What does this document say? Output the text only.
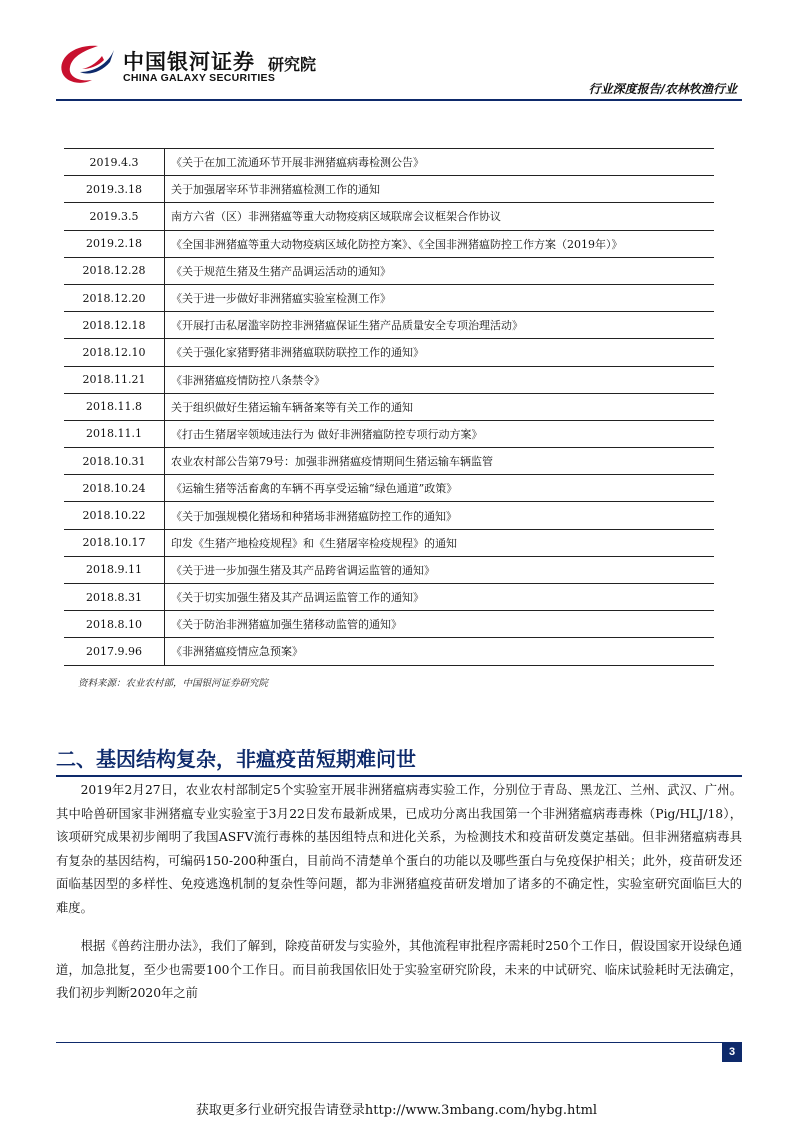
中国银河证券
CHINA GALAXY SECURITIES
研究院
行业深度报告/农林牧渔行业
2019.4.3	《关于在加工流通环节开展非洲猪瘟病毒检测公告》
2019.3.18	关于加强屠宰环节非洲猪瘟检测工作的通知
2019.3.5	南方六省（区）非洲猪瘟等重大动物疫病区域联席会议框架合作协议
2019.2.18	《全国非洲猪瘟等重大动物疫病区域化防控方案》、《全国非洲猪瘟防控工作方案（2019年）》
2018.12.28	《关于规范生猪及生猪产品调运活动的通知》
2018.12.20	《关于进一步做好非洲猪瘟实验室检测工作》
2018.12.18	《开展打击私屠滥宰防控非洲猪瘟保证生猪产品质量安全专项治理活动》
2018.12.10	《关于强化家猪野猪非洲猪瘟联防联控工作的通知》
2018.11.21	《非洲猪瘟疫情防控八条禁令》
2018.11.8	关于组织做好生猪运输车辆备案等有关工作的通知
2018.11.1	《打击生猪屠宰领域违法行为 做好非洲猪瘟防控专项行动方案》
2018.10.31	农业农村部公告第79号：加强非洲猪瘟疫情期间生猪运输车辆监管
2018.10.24	《运输生猪等活畜禽的车辆不再享受运输“绿色通道”政策》
2018.10.22	《关于加强规模化猪场和种猪场非洲猪瘟防控工作的通知》
2018.10.17	印发《生猪产地检疫规程》和《生猪屠宰检疫规程》的通知
2018.9.11	《关于进一步加强生猪及其产品跨省调运监管的通知》
2018.8.31	《关于切实加强生猪及其产品调运监管工作的通知》
2018.8.10	《关于防治非洲猪瘟加强生猪移动监管的通知》
2017.9.96	《非洲猪瘟疫情应急预案》
资料来源：农业农村部，中国银河证券研究院
二、基因结构复杂，非瘟疫苗短期难问世

2019年2月27日，农业农村部制定5个实验室开展非洲猪瘟病毒实验工作，分别位于青岛、黑龙江、兰州、武汉、广州。其中哈兽研国家非洲猪瘟专业实验室于3月22日发布最新成果，已成功分离出我国第一个非洲猪瘟病毒毒株（Pig/HLJ/18），该项研究成果初步阐明了我国ASFV流行毒株的基因组特点和进化关系，为检测技术和疫苗研发奠定基础。但非洲猪瘟病毒具有复杂的基因结构，可编码150-200种蛋白，目前尚不清楚单个蛋白的功能以及哪些蛋白与免疫保护相关；此外，疫苗研发还面临基因型的多样性、免疫逃逸机制的复杂性等问题，都为非洲猪瘟疫苗研发增加了诸多的不确定性，实验室研究面临巨大的难度。

根据《兽药注册办法》，我们了解到，除疫苗研发与实验外，其他流程审批程序需耗时250个工作日，假设国家开设绿色通道，加急批复，至少也需要100个工作日。而目前我国依旧处于实验室研究阶段，未来的中试研究、临床试验耗时无法确定，我们初步判断2020年之前

3
获取更多行业研究报告请登录http://www.3mbang.com/hybg.html
